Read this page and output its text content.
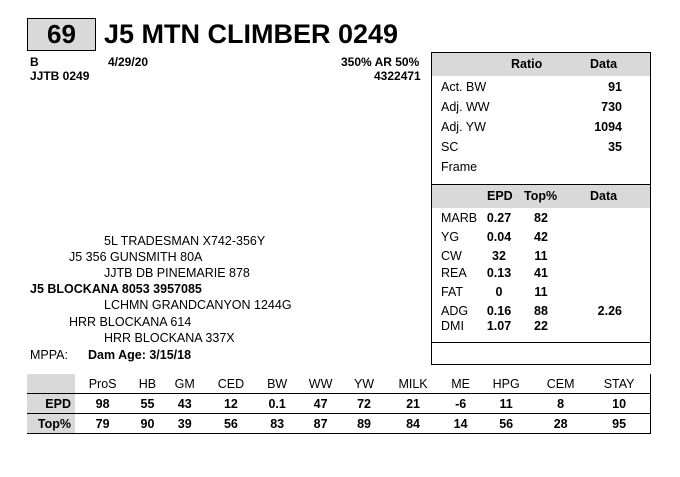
69	J5 MTN CLIMBER 0249
B	4/29/20	350% AR 50%
JJTB 0249	4322471
5L TRADESMAN X742-356Y
J5 356 GUNSMITH 80A
JJTB DB PINEMARIE 878
J5 BLOCKANA 8053 3957085
LCHMN GRANDCANYON 1244G
HRR BLOCKANA 614
HRR BLOCKANA 337X
MPPA: Dam Age: 3/15/18
Ratio	Data
Act. BW	91
Adj. WW	730
Adj. YW	1094
SC	35
Frame
EPD Top%	Data
MARB 0.27	82
YG	0.04	42
CW	32	11
REA	0.13	41
FAT	0	11
ADG	0.16	88	2.26
DMI	1.07	22
	ProS	HB	GM	CED	BW	WW	YW	MILK	ME	HPG	CEM	STAY
EPD	98	55	43	12	0.1	47	72	21	-6	11	8	10
Top%	79	90	39	56	83	87	89	84	14	56	28	95
